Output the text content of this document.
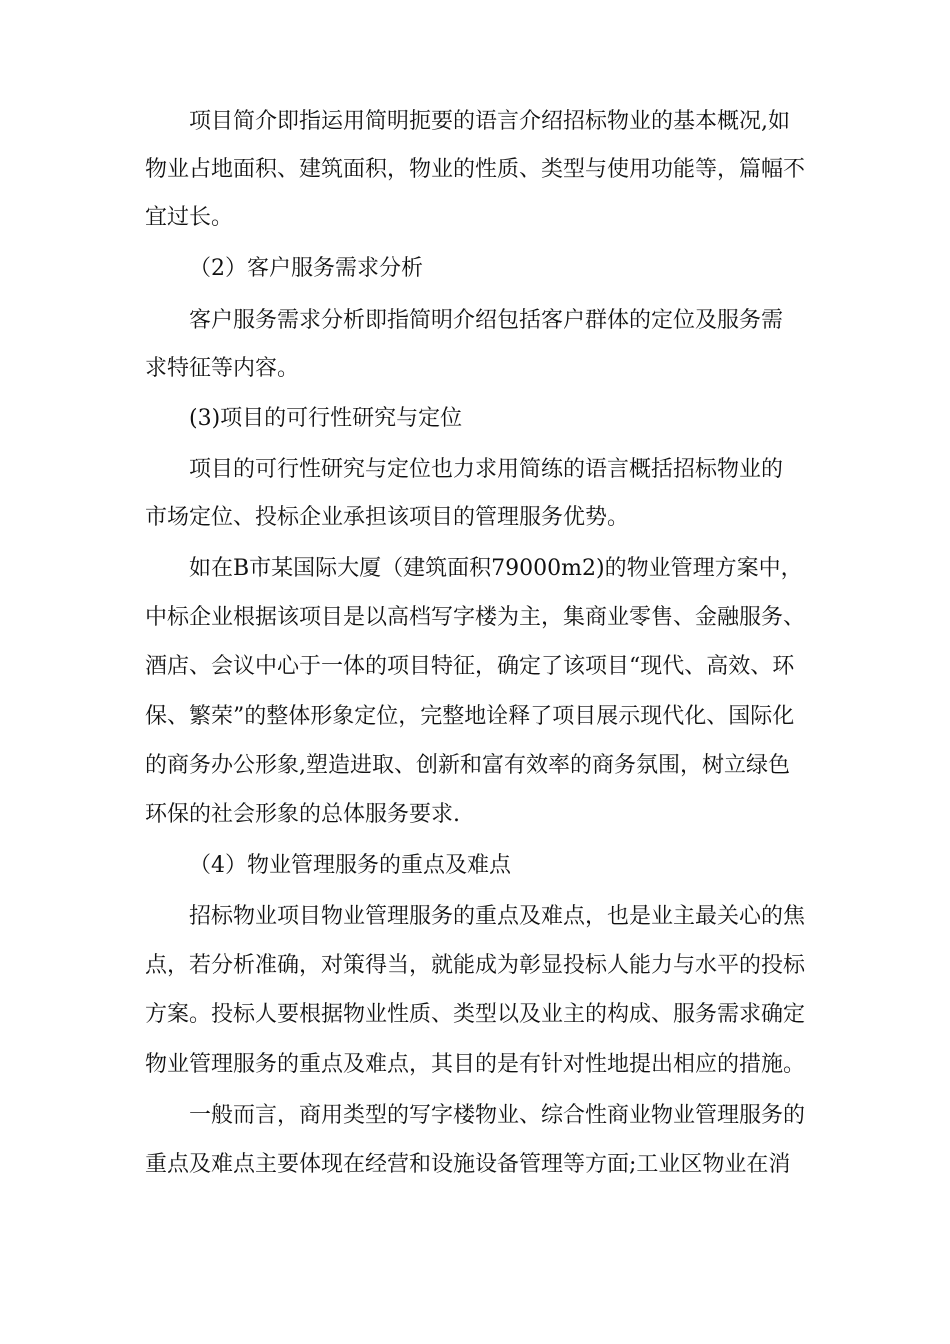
项目简介即指运用简明扼要的语言介绍招标物业的基本概况,如
物业占地面积、建筑面积，物业的性质、类型与使用功能等，篇幅不
宜过长。
（2）客户服务需求分析
客户服务需求分析即指简明介绍包括客户群体的定位及服务需
求特征等内容。
(3)项目的可行性研究与定位
项目的可行性研究与定位也力求用简练的语言概括招标物业的
市场定位、投标企业承担该项目的管理服务优势。
如在B市某国际大厦（建筑面积79000m2)的物业管理方案中，
中标企业根据该项目是以高档写字楼为主，集商业零售、金融服务、
酒店、会议中心于一体的项目特征，确定了该项目“现代、高效、环
保、繁荣”的整体形象定位，完整地诠释了项目展示现代化、国际化
的商务办公形象,塑造进取、创新和富有效率的商务氛围，树立绿色
环保的社会形象的总体服务要求.
（4）物业管理服务的重点及难点
招标物业项目物业管理服务的重点及难点，也是业主最关心的焦
点，若分析准确，对策得当，就能成为彰显投标人能力与水平的投标
方案。投标人要根据物业性质、类型以及业主的构成、服务需求确定
物业管理服务的重点及难点，其目的是有针对性地提出相应的措施。
一般而言，商用类型的写字楼物业、综合性商业物业管理服务的
重点及难点主要体现在经营和设施设备管理等方面;工业区物业在消
